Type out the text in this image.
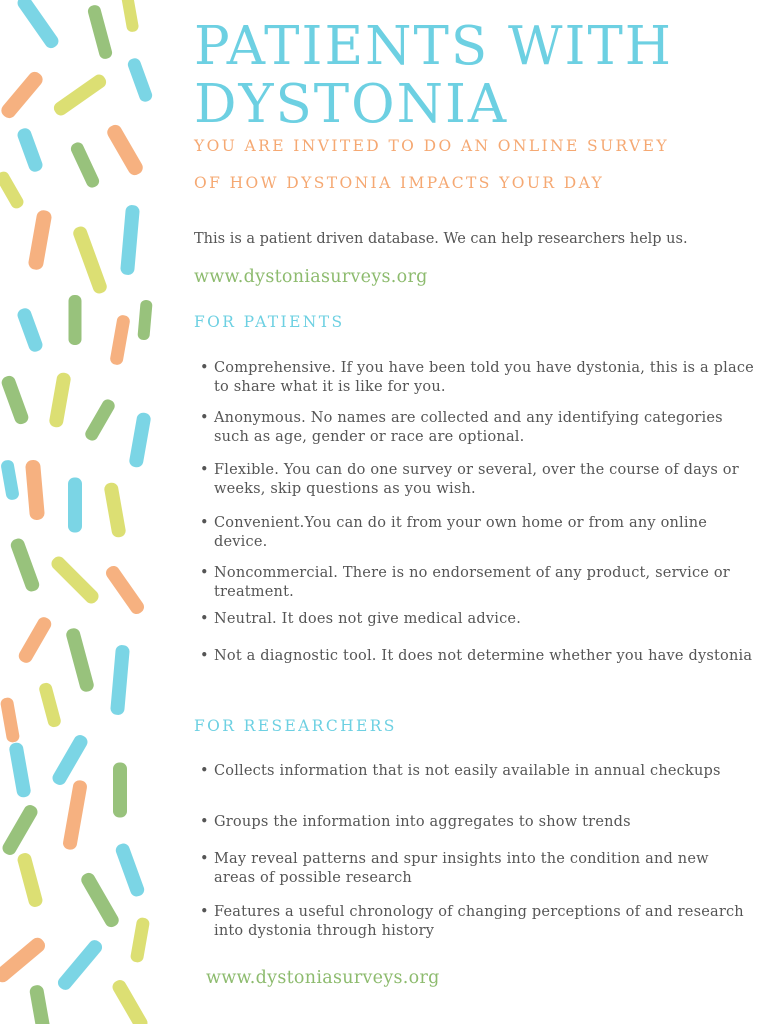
PATIENTS WITH DYSTONIA
YOU ARE INVITED TO DO AN ONLINE SURVEY
OF HOW DYSTONIA IMPACTS YOUR DAY

This is a patient driven database. We can help researchers help us.

www.dystoniasurveys.org
FOR PATIENTS
• Comprehensive. If you have been told you have dystonia, this is a place to share what it is like for you.
• Anonymous. No names are collected and any identifying categories such as age, gender or race are optional.
• Flexible. You can do one survey or several, over the course of days or weeks, skip questions as you wish.
• Convenient.You can do it from your own home or from any online device.
• Noncommercial. There is no endorsement of any product, service or treatment.
• Neutral. It does not give medical advice.
• Not a diagnostic tool. It does not determine whether you have dystonia
FOR RESEARCHERS
• Collects information that is not easily available in annual checkups
• Groups the information into aggregates to show trends
• May reveal patterns and spur insights into the condition and new areas of possible research
• Features a useful chronology of changing perceptions of and research into dystonia through history
www.dystoniasurveys.org
